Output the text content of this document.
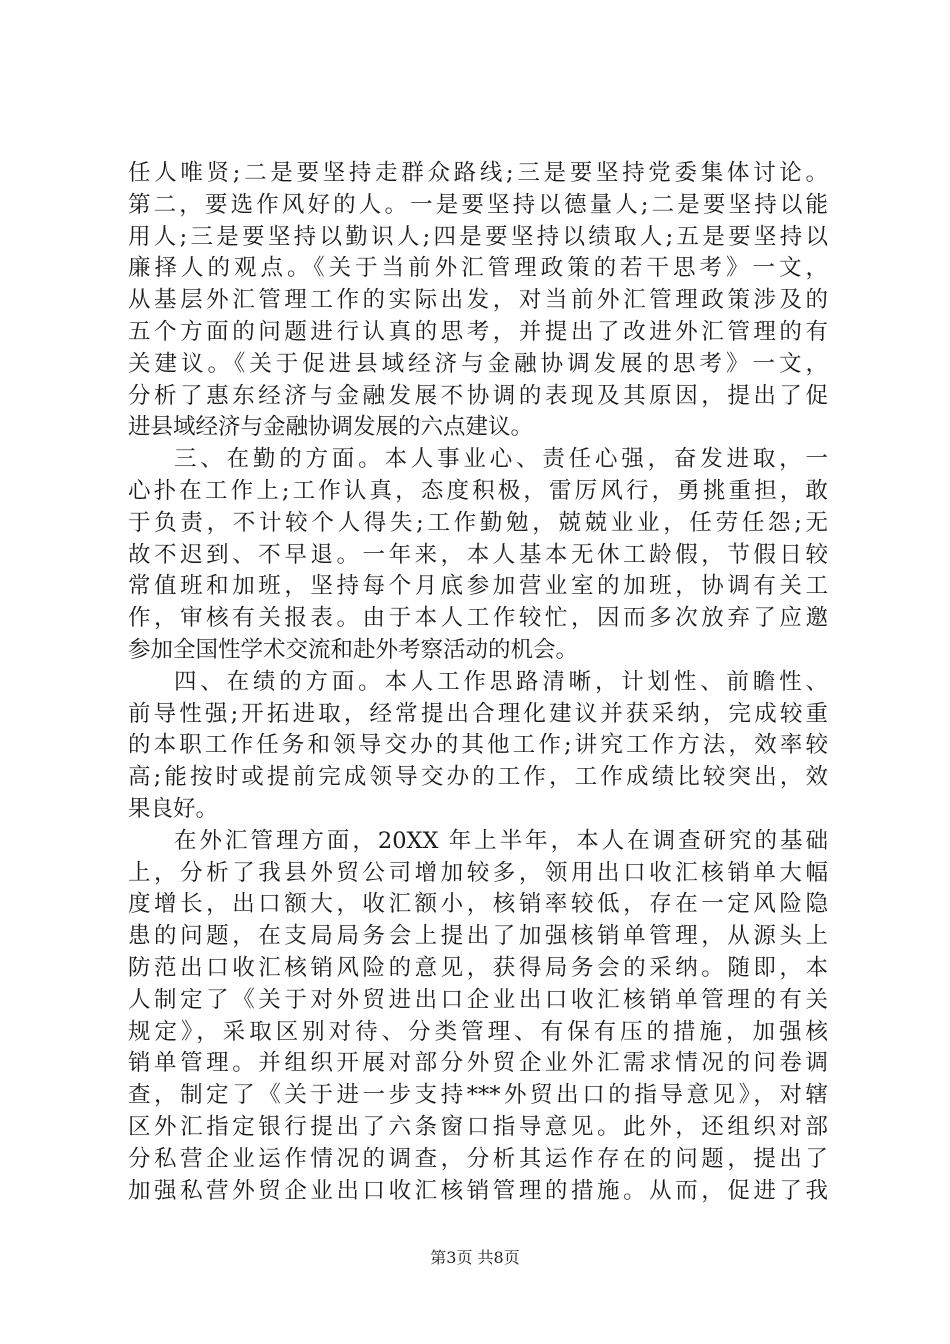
任人唯贤;二是要坚持走群众路线;三是要坚持党委集体讨论。
第二，要选作风好的人。一是要坚持以德量人;二是要坚持以能
用人;三是要坚持以勤识人;四是要坚持以绩取人;五是要坚持以
廉择人的观点。《关于当前外汇管理政策的若干思考》一文，
从基层外汇管理工作的实际出发，对当前外汇管理政策涉及的
五个方面的问题进行认真的思考，并提出了改进外汇管理的有
关建议。《关于促进县域经济与金融协调发展的思考》一文，
分析了惠东经济与金融发展不协调的表现及其原因，提出了促
进县域经济与金融协调发展的六点建议。
三、在勤的方面。本人事业心、责任心强，奋发进取，一
心扑在工作上;工作认真，态度积极，雷厉风行，勇挑重担，敢
于负责，不计较个人得失;工作勤勉，兢兢业业，任劳任怨;无
故不迟到、不早退。一年来，本人基本无休工龄假，节假日较
常值班和加班，坚持每个月底参加营业室的加班，协调有关工
作，审核有关报表。由于本人工作较忙，因而多次放弃了应邀
参加全国性学术交流和赴外考察活动的机会。
四、在绩的方面。本人工作思路清晰，计划性、前瞻性、
前导性强;开拓进取，经常提出合理化建议并获采纳，完成较重
的本职工作任务和领导交办的其他工作;讲究工作方法，效率较
高;能按时或提前完成领导交办的工作，工作成绩比较突出，效
果良好。
在外汇管理方面，20XX 年上半年，本人在调查研究的基础
上，分析了我县外贸公司增加较多，领用出口收汇核销单大幅
度增长，出口额大，收汇额小，核销率较低，存在一定风险隐
患的问题，在支局局务会上提出了加强核销单管理，从源头上
防范出口收汇核销风险的意见，获得局务会的采纳。随即，本
人制定了《关于对外贸进出口企业出口收汇核销单管理的有关
规定》，采取区别对待、分类管理、有保有压的措施，加强核
销单管理。并组织开展对部分外贸企业外汇需求情况的问卷调
查，制定了《关于进一步支持***外贸出口的指导意见》，对辖
区外汇指定银行提出了六条窗口指导意见。此外，还组织对部
分私营企业运作情况的调查，分析其运作存在的问题，提出了
加强私营外贸企业出口收汇核销管理的措施。从而，促进了我
第3页 共8页
